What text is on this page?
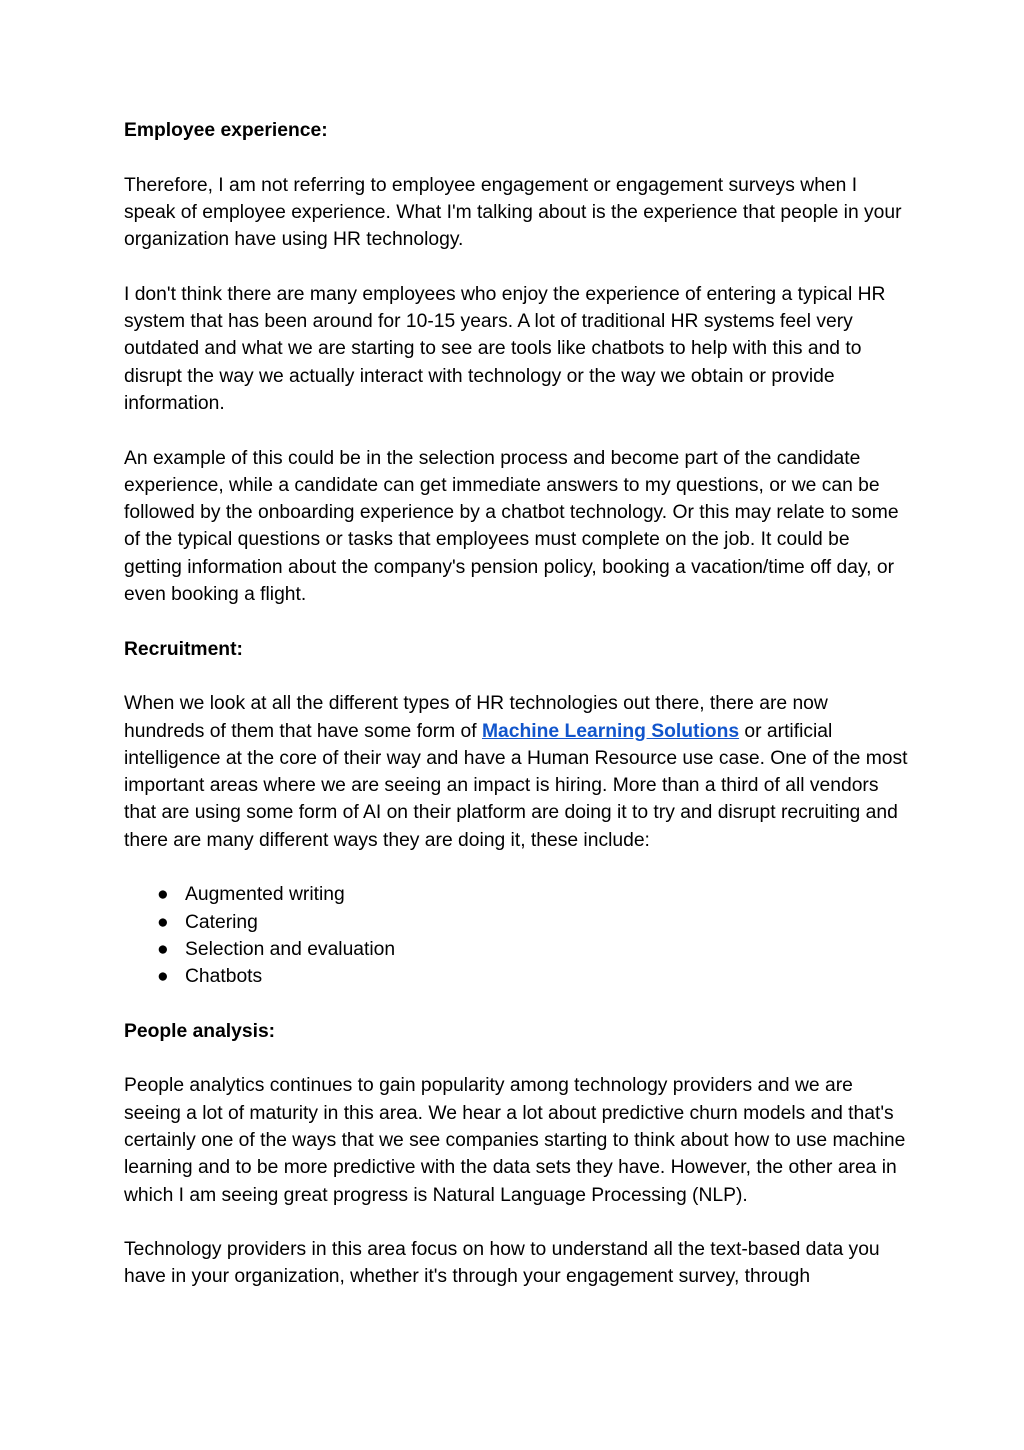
Employee experience:

Therefore, I am not referring to employee engagement or engagement surveys when I speak of employee experience. What I'm talking about is the experience that people in your organization have using HR technology.

I don't think there are many employees who enjoy the experience of entering a typical HR system that has been around for 10-15 years. A lot of traditional HR systems feel very outdated and what we are starting to see are tools like chatbots to help with this and to disrupt the way we actually interact with technology or the way we obtain or provide information.

An example of this could be in the selection process and become part of the candidate experience, while a candidate can get immediate answers to my questions, or we can be followed by the onboarding experience by a chatbot technology. Or this may relate to some of the typical questions or tasks that employees must complete on the job. It could be getting information about the company's pension policy, booking a vacation/time off day, or even booking a flight.

Recruitment:

When we look at all the different types of HR technologies out there, there are now hundreds of them that have some form of Machine Learning Solutions or artificial intelligence at the core of their way and have a Human Resource use case. One of the most important areas where we are seeing an impact is hiring. More than a third of all vendors that are using some form of AI on their platform are doing it to try and disrupt recruiting and there are many different ways they are doing it, these include:

● Augmented writing
● Catering
● Selection and evaluation
● Chatbots

People analysis:

People analytics continues to gain popularity among technology providers and we are seeing a lot of maturity in this area. We hear a lot about predictive churn models and that's certainly one of the ways that we see companies starting to think about how to use machine learning and to be more predictive with the data sets they have. However, the other area in which I am seeing great progress is Natural Language Processing (NLP).

Technology providers in this area focus on how to understand all the text-based data you have in your organization, whether it's through your engagement survey, through
